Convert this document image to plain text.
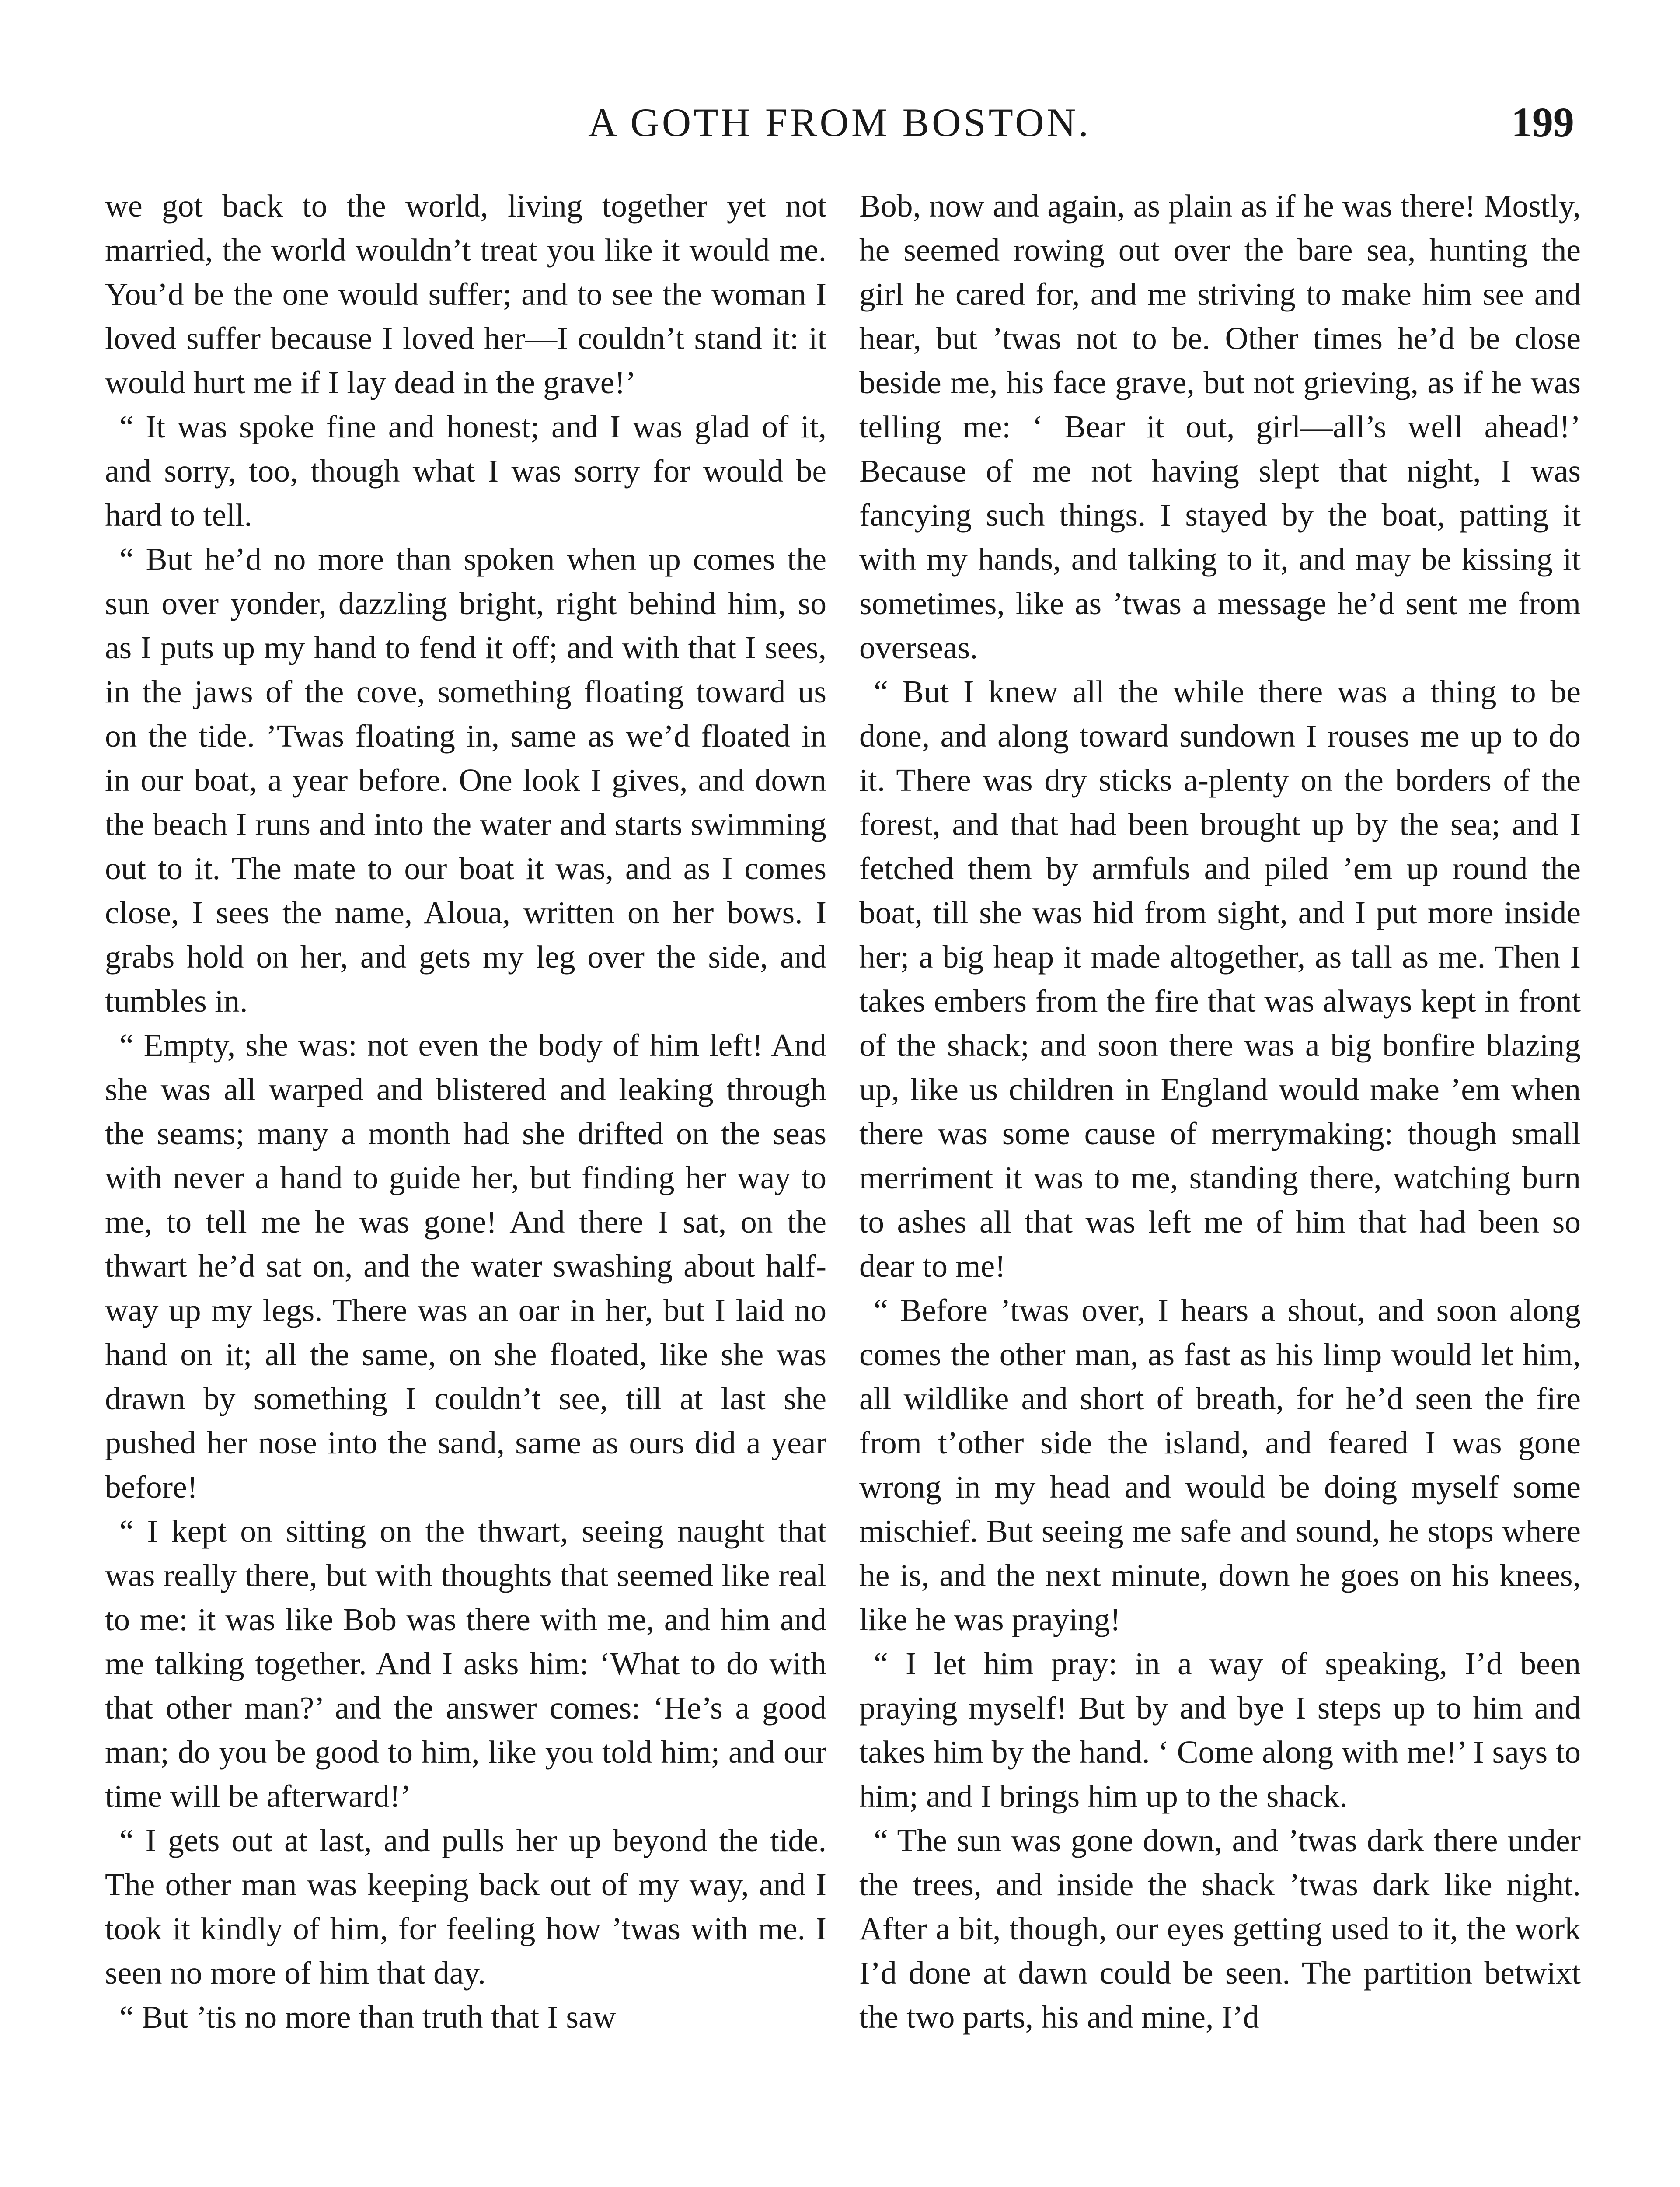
A GOTH FROM BOSTON.	199

we got back to the world, living together yet not married, the world wouldn’t treat you like it would me. You’d be the one would suffer; and to see the woman I loved suffer because I loved her—I couldn’t stand it: it would hurt me if I lay dead in the grave!’

“ It was spoke fine and honest; and I was glad of it, and sorry, too, though what I was sorry for would be hard to tell.

“ But he’d no more than spoken when up comes the sun over yonder, dazzling bright, right behind him, so as I puts up my hand to fend it off; and with that I sees, in the jaws of the cove, something floating toward us on the tide. ’Twas floating in, same as we’d floated in in our boat, a year before. One look I gives, and down the beach I runs and into the water and starts swimming out to it. The mate to our boat it was, and as I comes close, I sees the name, Aloua, written on her bows. I grabs hold on her, and gets my leg over the side, and tumbles in.

“ Empty, she was: not even the body of him left! And she was all warped and blistered and leaking through the seams; many a month had she drifted on the seas with never a hand to guide her, but finding her way to me, to tell me he was gone! And there I sat, on the thwart he’d sat on, and the water swashing about half-way up my legs. There was an oar in her, but I laid no hand on it; all the same, on she floated, like she was drawn by something I couldn’t see, till at last she pushed her nose into the sand, same as ours did a year before!

“ I kept on sitting on the thwart, seeing naught that was really there, but with thoughts that seemed like real to me: it was like Bob was there with me, and him and me talking together. And I asks him: ‘What to do with that other man?’ and the answer comes: ‘He’s a good man; do you be good to him, like you told him; and our time will be afterward!’

“ I gets out at last, and pulls her up beyond the tide. The other man was keeping back out of my way, and I took it kindly of him, for feeling how ’twas with me. I seen no more of him that day.

“ But ’tis no more than truth that I saw

Bob, now and again, as plain as if he was there! Mostly, he seemed rowing out over the bare sea, hunting the girl he cared for, and me striving to make him see and hear, but ’twas not to be. Other times he’d be close beside me, his face grave, but not grieving, as if he was telling me: ‘ Bear it out, girl—all’s well ahead!’ Because of me not having slept that night, I was fancying such things. I stayed by the boat, patting it with my hands, and talking to it, and may be kissing it sometimes, like as ’twas a message he’d sent me from overseas.

“ But I knew all the while there was a thing to be done, and along toward sundown I rouses me up to do it. There was dry sticks a-plenty on the borders of the forest, and that had been brought up by the sea; and I fetched them by armfuls and piled ’em up round the boat, till she was hid from sight, and I put more inside her; a big heap it made altogether, as tall as me. Then I takes embers from the fire that was always kept in front of the shack; and soon there was a big bonfire blazing up, like us children in England would make ’em when there was some cause of merrymaking: though small merriment it was to me, standing there, watching burn to ashes all that was left me of him that had been so dear to me!

“ Before ’twas over, I hears a shout, and soon along comes the other man, as fast as his limp would let him, all wildlike and short of breath, for he’d seen the fire from t’other side the island, and feared I was gone wrong in my head and would be doing myself some mischief. But seeing me safe and sound, he stops where he is, and the next minute, down he goes on his knees, like he was praying!

“ I let him pray: in a way of speaking, I’d been praying myself! But by and bye I steps up to him and takes him by the hand. ‘ Come along with me!’ I says to him; and I brings him up to the shack.

“ The sun was gone down, and ’twas dark there under the trees, and inside the shack ’twas dark like night. After a bit, though, our eyes getting used to it, the work I’d done at dawn could be seen. The partition betwixt the two parts, his and mine, I’d
